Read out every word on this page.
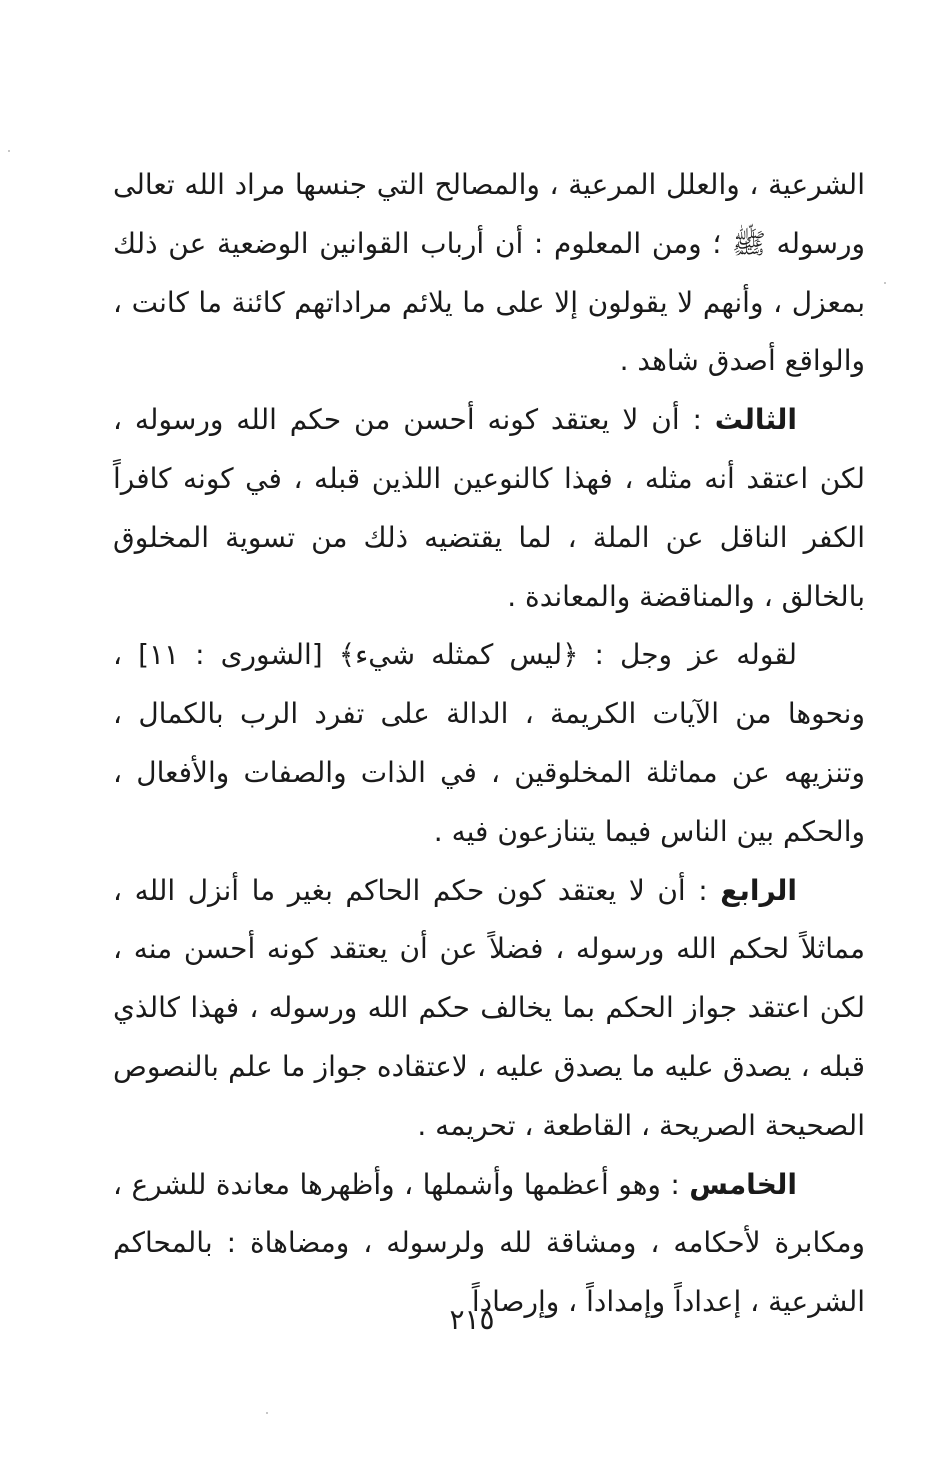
الشرعية ، والعلل المرعية ، والمصالح التي جنسها مراد الله تعالى ورسوله ﷺ ؛ ومن المعلوم : أن أرباب القوانين الوضعية عن ذلك بمعزل ، وأنهم لا يقولون إلا على ما يلائم مراداتهم كائنة ما كانت ، والواقع أصدق شاهد .

الثالث : أن لا يعتقد كونه أحسن من حكم الله ورسوله ، لكن اعتقد أنه مثله ، فهذا كالنوعين اللذين قبله ، في كونه كافراً الكفر الناقل عن الملة ، لما يقتضيه ذلك من تسوية المخلوق بالخالق ، والمناقضة والمعاندة .

لقوله عز وجل : ﴿ليس كمثله شيء﴾ [الشورى : ١١] ، ونحوها من الآيات الكريمة ، الدالة على تفرد الرب بالكمال ، وتنزيهه عن مماثلة المخلوقين ، في الذات والصفات والأفعال ، والحكم بين الناس فيما يتنازعون فيه .

الرابع : أن لا يعتقد كون حكم الحاكم بغير ما أنزل الله ، مماثلاً لحكم الله ورسوله ، فضلاً عن أن يعتقد كونه أحسن منه ، لكن اعتقد جواز الحكم بما يخالف حكم الله ورسوله ، فهذا كالذي قبله ، يصدق عليه ما يصدق عليه ، لاعتقاده جواز ما علم بالنصوص الصحيحة الصريحة ، القاطعة ، تحريمه .

الخامس : وهو أعظمها وأشملها ، وأظهرها معاندة للشرع ، ومكابرة لأحكامه ، ومشاقة لله ولرسوله ، ومضاهاة : بالمحاكم الشرعية ، إعداداً وإمداداً ، وإرصاداً

٢١٥
